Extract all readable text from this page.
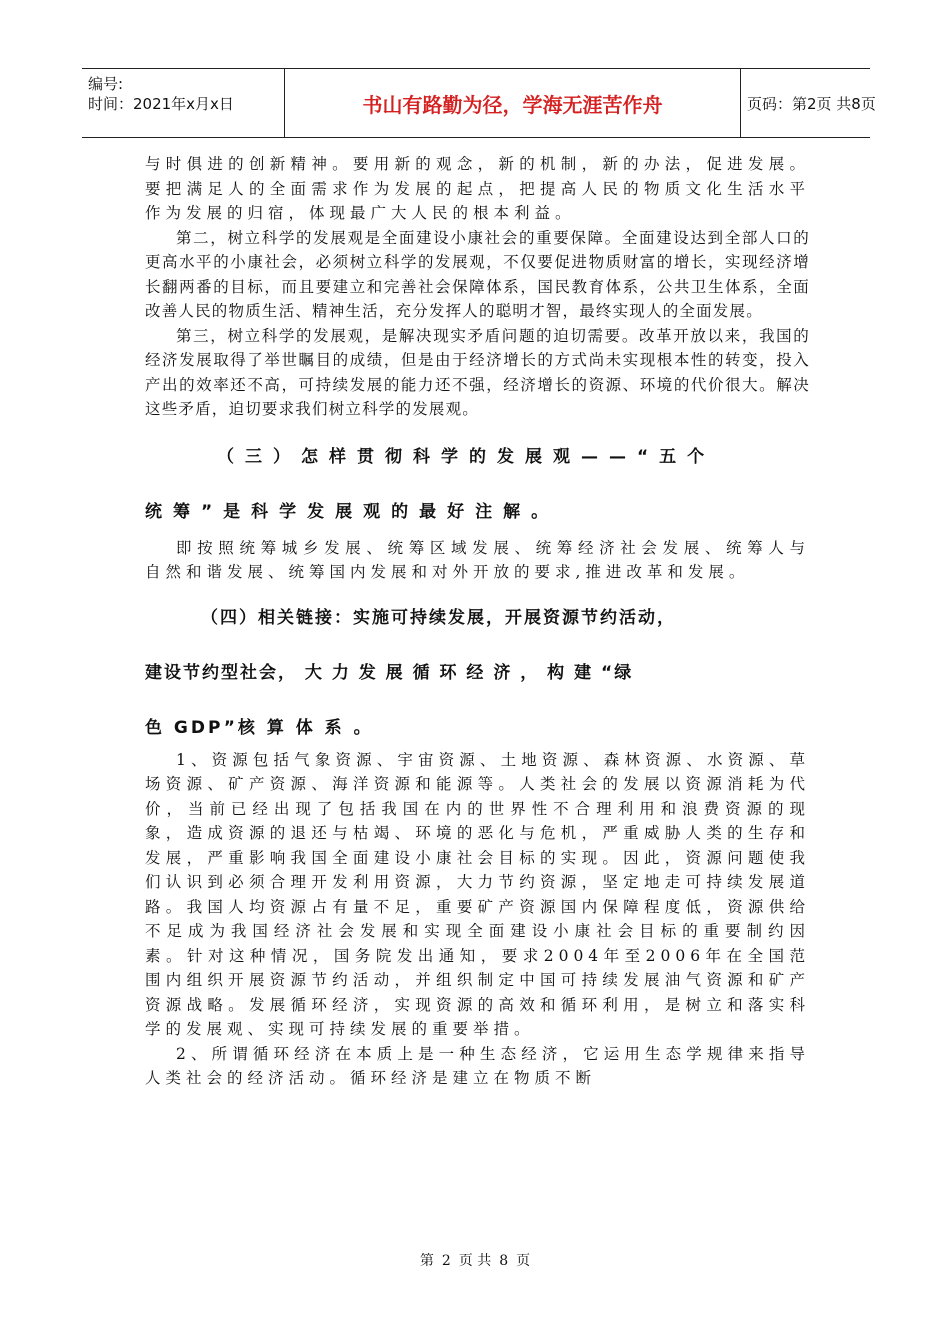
编号:
时间：2021年x月x日	书山有路勤为径，学海无涯苦作舟	页码：第2页 共8页

与时俱进的创新精神。要用新的观念，新的机制，新的办法，促进发展。要把满足人的全面需求作为发展的起点，把提高人民的物质文化生活水平作为发展的归宿，体现最广大人民的根本利益。

第二，树立科学的发展观是全面建设小康社会的重要保障。全面建设达到全部人口的更高水平的小康社会，必须树立科学的发展观，不仅要促进物质财富的增长，实现经济增长翻两番的目标，而且要建立和完善社会保障体系，国民教育体系，公共卫生体系，全面改善人民的物质生活、精神生活，充分发挥人的聪明才智，最终实现人的全面发展。

第三，树立科学的发展观，是解决现实矛盾问题的迫切需要。改革开放以来，我国的经济发展取得了举世瞩目的成绩，但是由于经济增长的方式尚未实现根本性的转变，投入产出的效率还不高，可持续发展的能力还不强，经济增长的资源、环境的代价很大。解决这些矛盾，迫切要求我们树立科学的发展观。

（三）怎样贯彻科学的发展观——“五个

统筹”是科学发展观的最好注解。

即按照统筹城乡发展、统筹区域发展、统筹经济社会发展、统筹人与自然和谐发展、统筹国内发展和对外开放的要求,推进改革和发展。

（四）相关链接：实施可持续发展，开展资源节约活动，

建设节约型社会， 大 力 发 展 循 环 经 济 ， 构 建 “绿

色 GDP”核 算 体 系 。

1、资源包括气象资源、宇宙资源、土地资源、森林资源、水资源、草场资源、矿产资源、海洋资源和能源等。人类社会的发展以资源消耗为代价，当前已经出现了包括我国在内的世界性不合理利用和浪费资源的现象，造成资源的退还与枯竭、环境的恶化与危机，严重威胁人类的生存和发展，严重影响我国全面建设小康社会目标的实现。因此，资源问题使我们认识到必须合理开发利用资源，大力节约资源，坚定地走可持续发展道路。我国人均资源占有量不足，重要矿产资源国内保障程度低，资源供给不足成为我国经济社会发展和实现全面建设小康社会目标的重要制约因素。针对这种情况，国务院发出通知，要求2004年至2006年在全国范围内组织开展资源节约活动，并组织制定中国可持续发展油气资源和矿产资源战略。发展循环经济，实现资源的高效和循环利用，是树立和落实科学的发展观、实现可持续发展的重要举措。

2、所谓循环经济在本质上是一种生态经济，它运用生态学规律来指导人类社会的经济活动。循环经济是建立在物质不断

第 2 页 共 8 页
